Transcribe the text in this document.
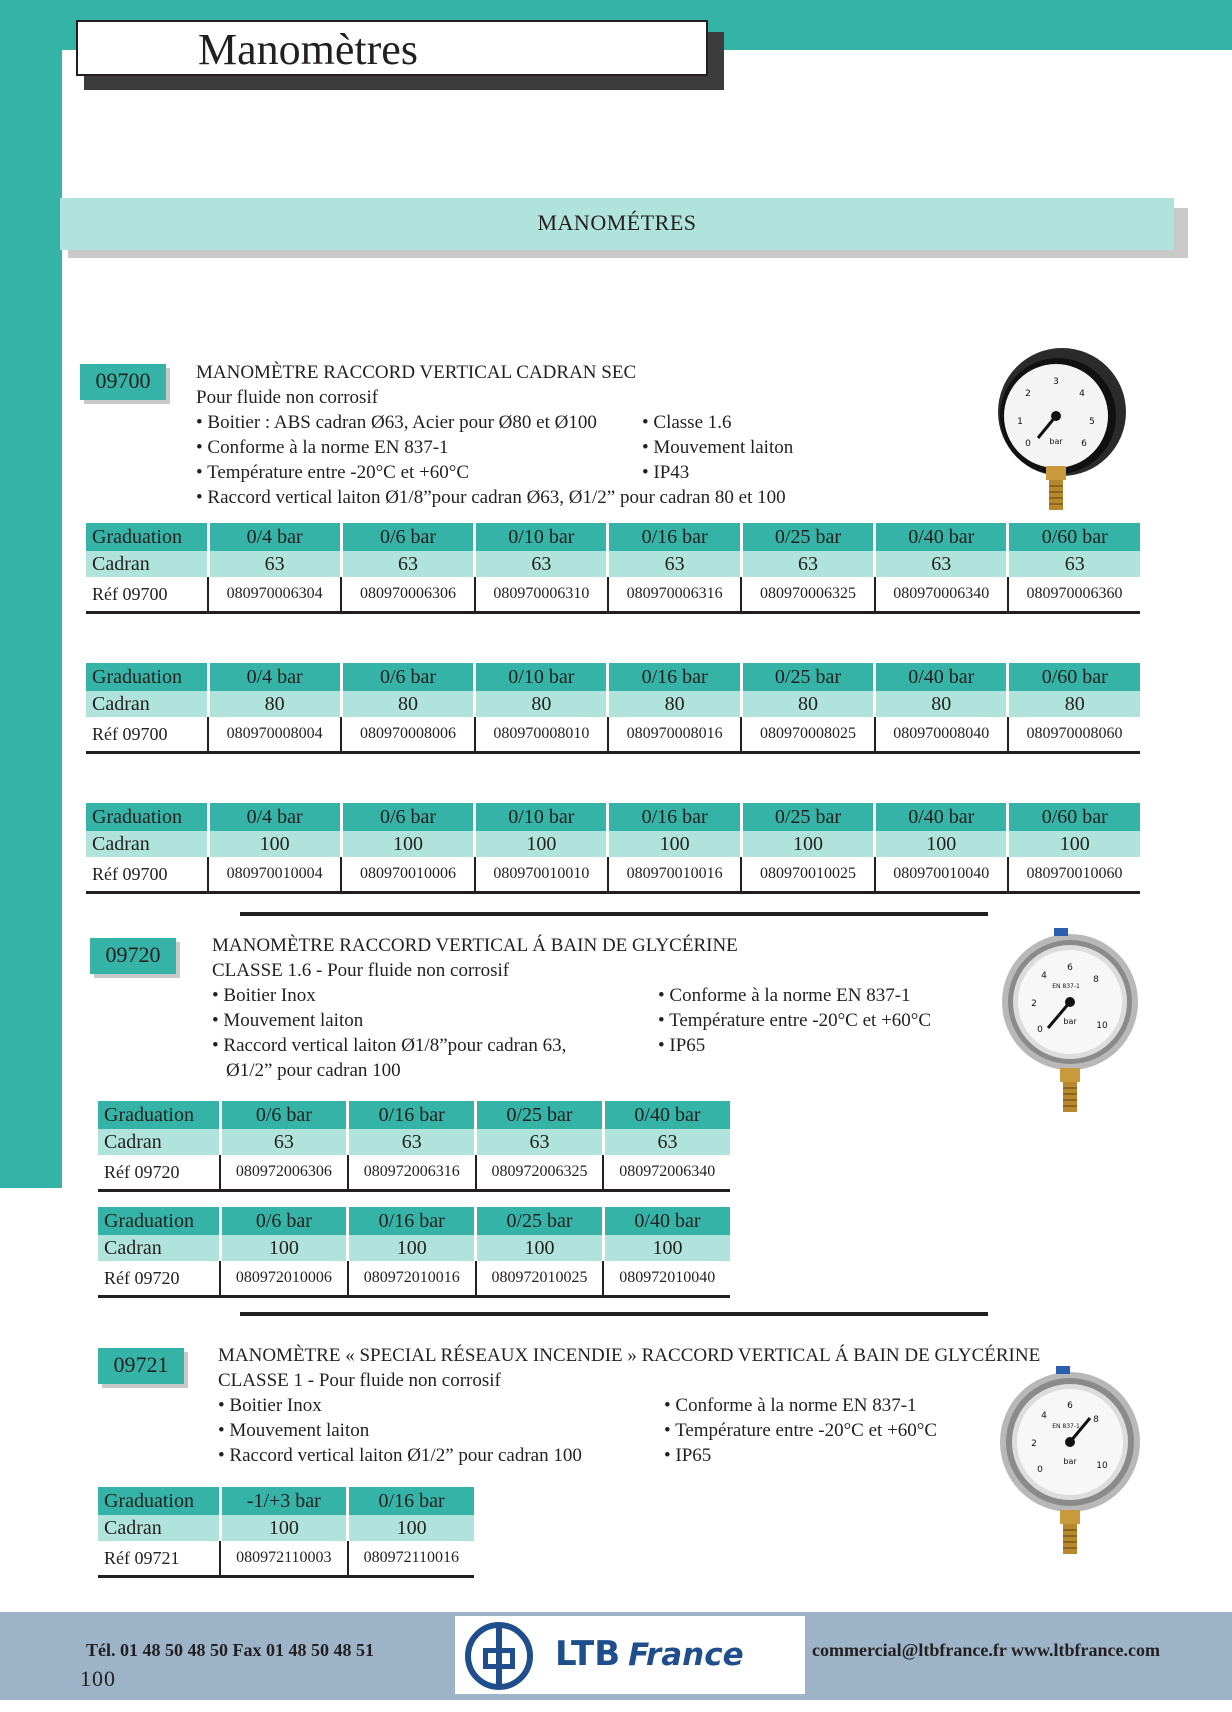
Manomètres
MANOMÉTRES
09700	MANOMÈTRE RACCORD VERTICAL CADRAN SEC
Pour fluide non corrosif
• Boitier : ABS cadran Ø63, Acier pour Ø80 et Ø100
• Conforme à la norme EN 837-1
• Température entre -20°C et +60°C
• Raccord vertical laiton Ø1/8”pour cadran Ø63, Ø1/2” pour cadran 80 et 100
• Classe 1.6
• Mouvement laiton
• IP43
0
1
2
3
4
5
6
bar
Graduation	0/4 bar	0/6 bar	0/10 bar	0/16 bar	0/25 bar	0/40 bar	0/60 bar
Cadran	63	63	63	63	63	63	63
Réf 09700	080970006304	080970006306	080970006310	080970006316	080970006325	080970006340	080970006360
Graduation	0/4 bar	0/6 bar	0/10 bar	0/16 bar	0/25 bar	0/40 bar	0/60 bar
Cadran	80	80	80	80	80	80	80
Réf 09700	080970008004	080970008006	080970008010	080970008016	080970008025	080970008040	080970008060
Graduation	0/4 bar	0/6 bar	0/10 bar	0/16 bar	0/25 bar	0/40 bar	0/60 bar
Cadran	100	100	100	100	100	100	100
Réf 09700	080970010004	080970010006	080970010010	080970010016	080970010025	080970010040	080970010060
09720	MANOMÈTRE RACCORD VERTICAL Á BAIN DE GLYCÉRINE
CLASSE 1.6 - Pour fluide non corrosif
• Boitier Inox
• Mouvement laiton
• Raccord vertical laiton Ø1/8”pour cadran 63,
Ø1/2” pour cadran 100
• Conforme à la norme EN 837-1
• Température entre -20°C et +60°C
• IP65
0
2
4
6
8
10
EN 837-1
bar
Graduation	0/6 bar	0/16 bar	0/25 bar	0/40 bar
Cadran	63	63	63	63
Réf 09720	080972006306	080972006316	080972006325	080972006340
Graduation	0/6 bar	0/16 bar	0/25 bar	0/40 bar
Cadran	100	100	100	100
Réf 09720	080972010006	080972010016	080972010025	080972010040
09721	MANOMÈTRE « SPECIAL RÉSEAUX INCENDIE » RACCORD VERTICAL Á BAIN DE GLYCÉRINE
CLASSE 1 - Pour fluide non corrosif
• Boitier Inox
• Mouvement laiton
• Raccord vertical laiton Ø1/2” pour cadran 100
• Conforme à la norme EN 837-1
• Température entre -20°C et +60°C
• IP65
0
2
4
6
8
10
EN 837-1
bar
Graduation	-1/+3 bar	0/16 bar
Cadran	100	100
Réf 09721	080972110003	080972110016
Tél. 01 48 50 48 50 Fax 01 48 50 48 51
100
LTB France	commercial@ltbfrance.fr www.ltbfrance.com
